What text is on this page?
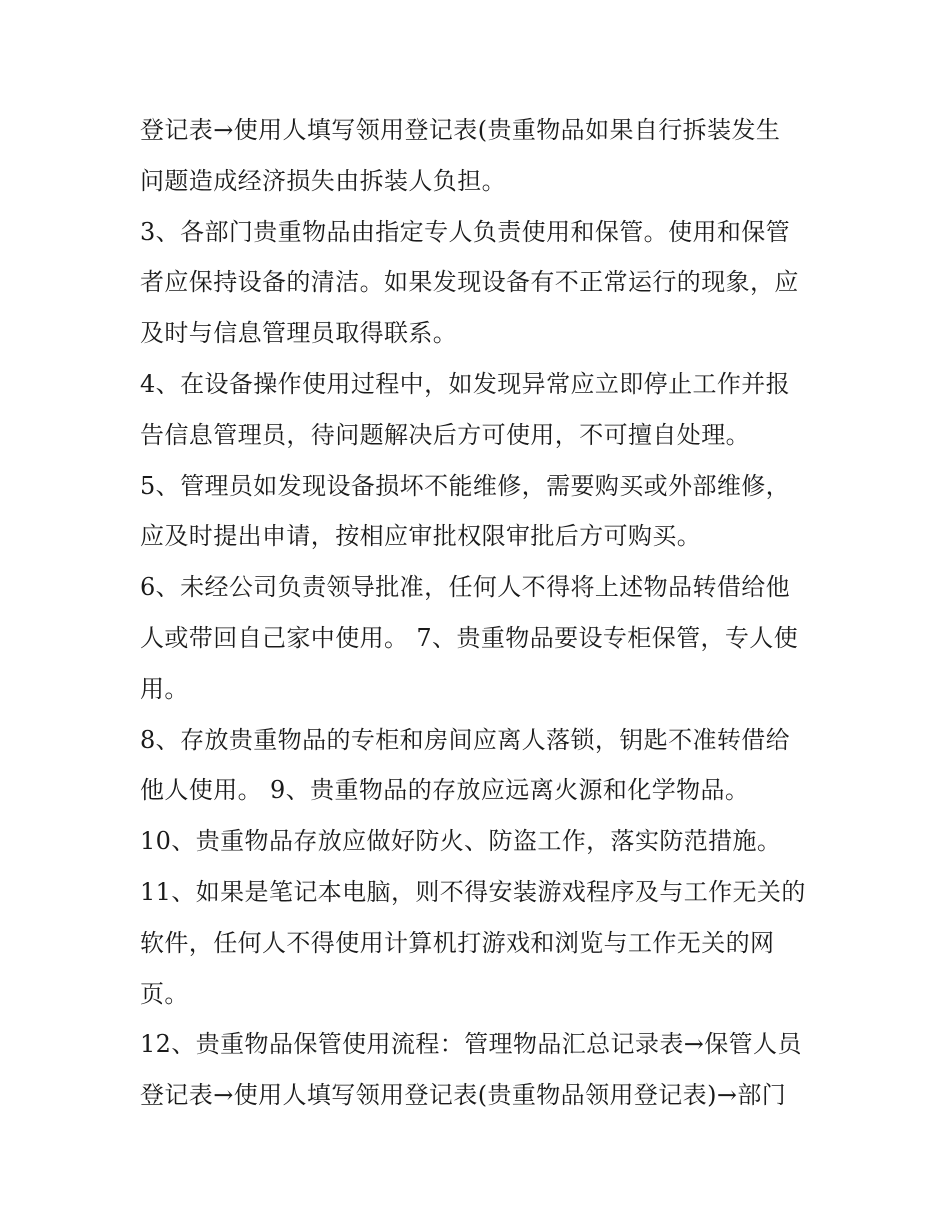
登记表→使用人填写领用登记表(贵重物品如果自行拆装发生
问题造成经济损失由拆装人负担。
3、各部门贵重物品由指定专人负责使用和保管。使用和保管
者应保持设备的清洁。如果发现设备有不正常运行的现象，应
及时与信息管理员取得联系。
4、在设备操作使用过程中，如发现异常应立即停止工作并报
告信息管理员，待问题解决后方可使用，不可擅自处理。
5、管理员如发现设备损坏不能维修，需要购买或外部维修，
应及时提出申请，按相应审批权限审批后方可购买。
6、未经公司负责领导批准，任何人不得将上述物品转借给他
人或带回自己家中使用。 7、贵重物品要设专柜保管，专人使
用。
8、存放贵重物品的专柜和房间应离人落锁，钥匙不准转借给
他人使用。 9、贵重物品的存放应远离火源和化学物品。
10、贵重物品存放应做好防火、防盗工作，落实防范措施。
11、如果是笔记本电脑，则不得安装游戏程序及与工作无关的
软件，任何人不得使用计算机打游戏和浏览与工作无关的网
页。
12、贵重物品保管使用流程：管理物品汇总记录表→保管人员
登记表→使用人填写领用登记表(贵重物品领用登记表)→部门
